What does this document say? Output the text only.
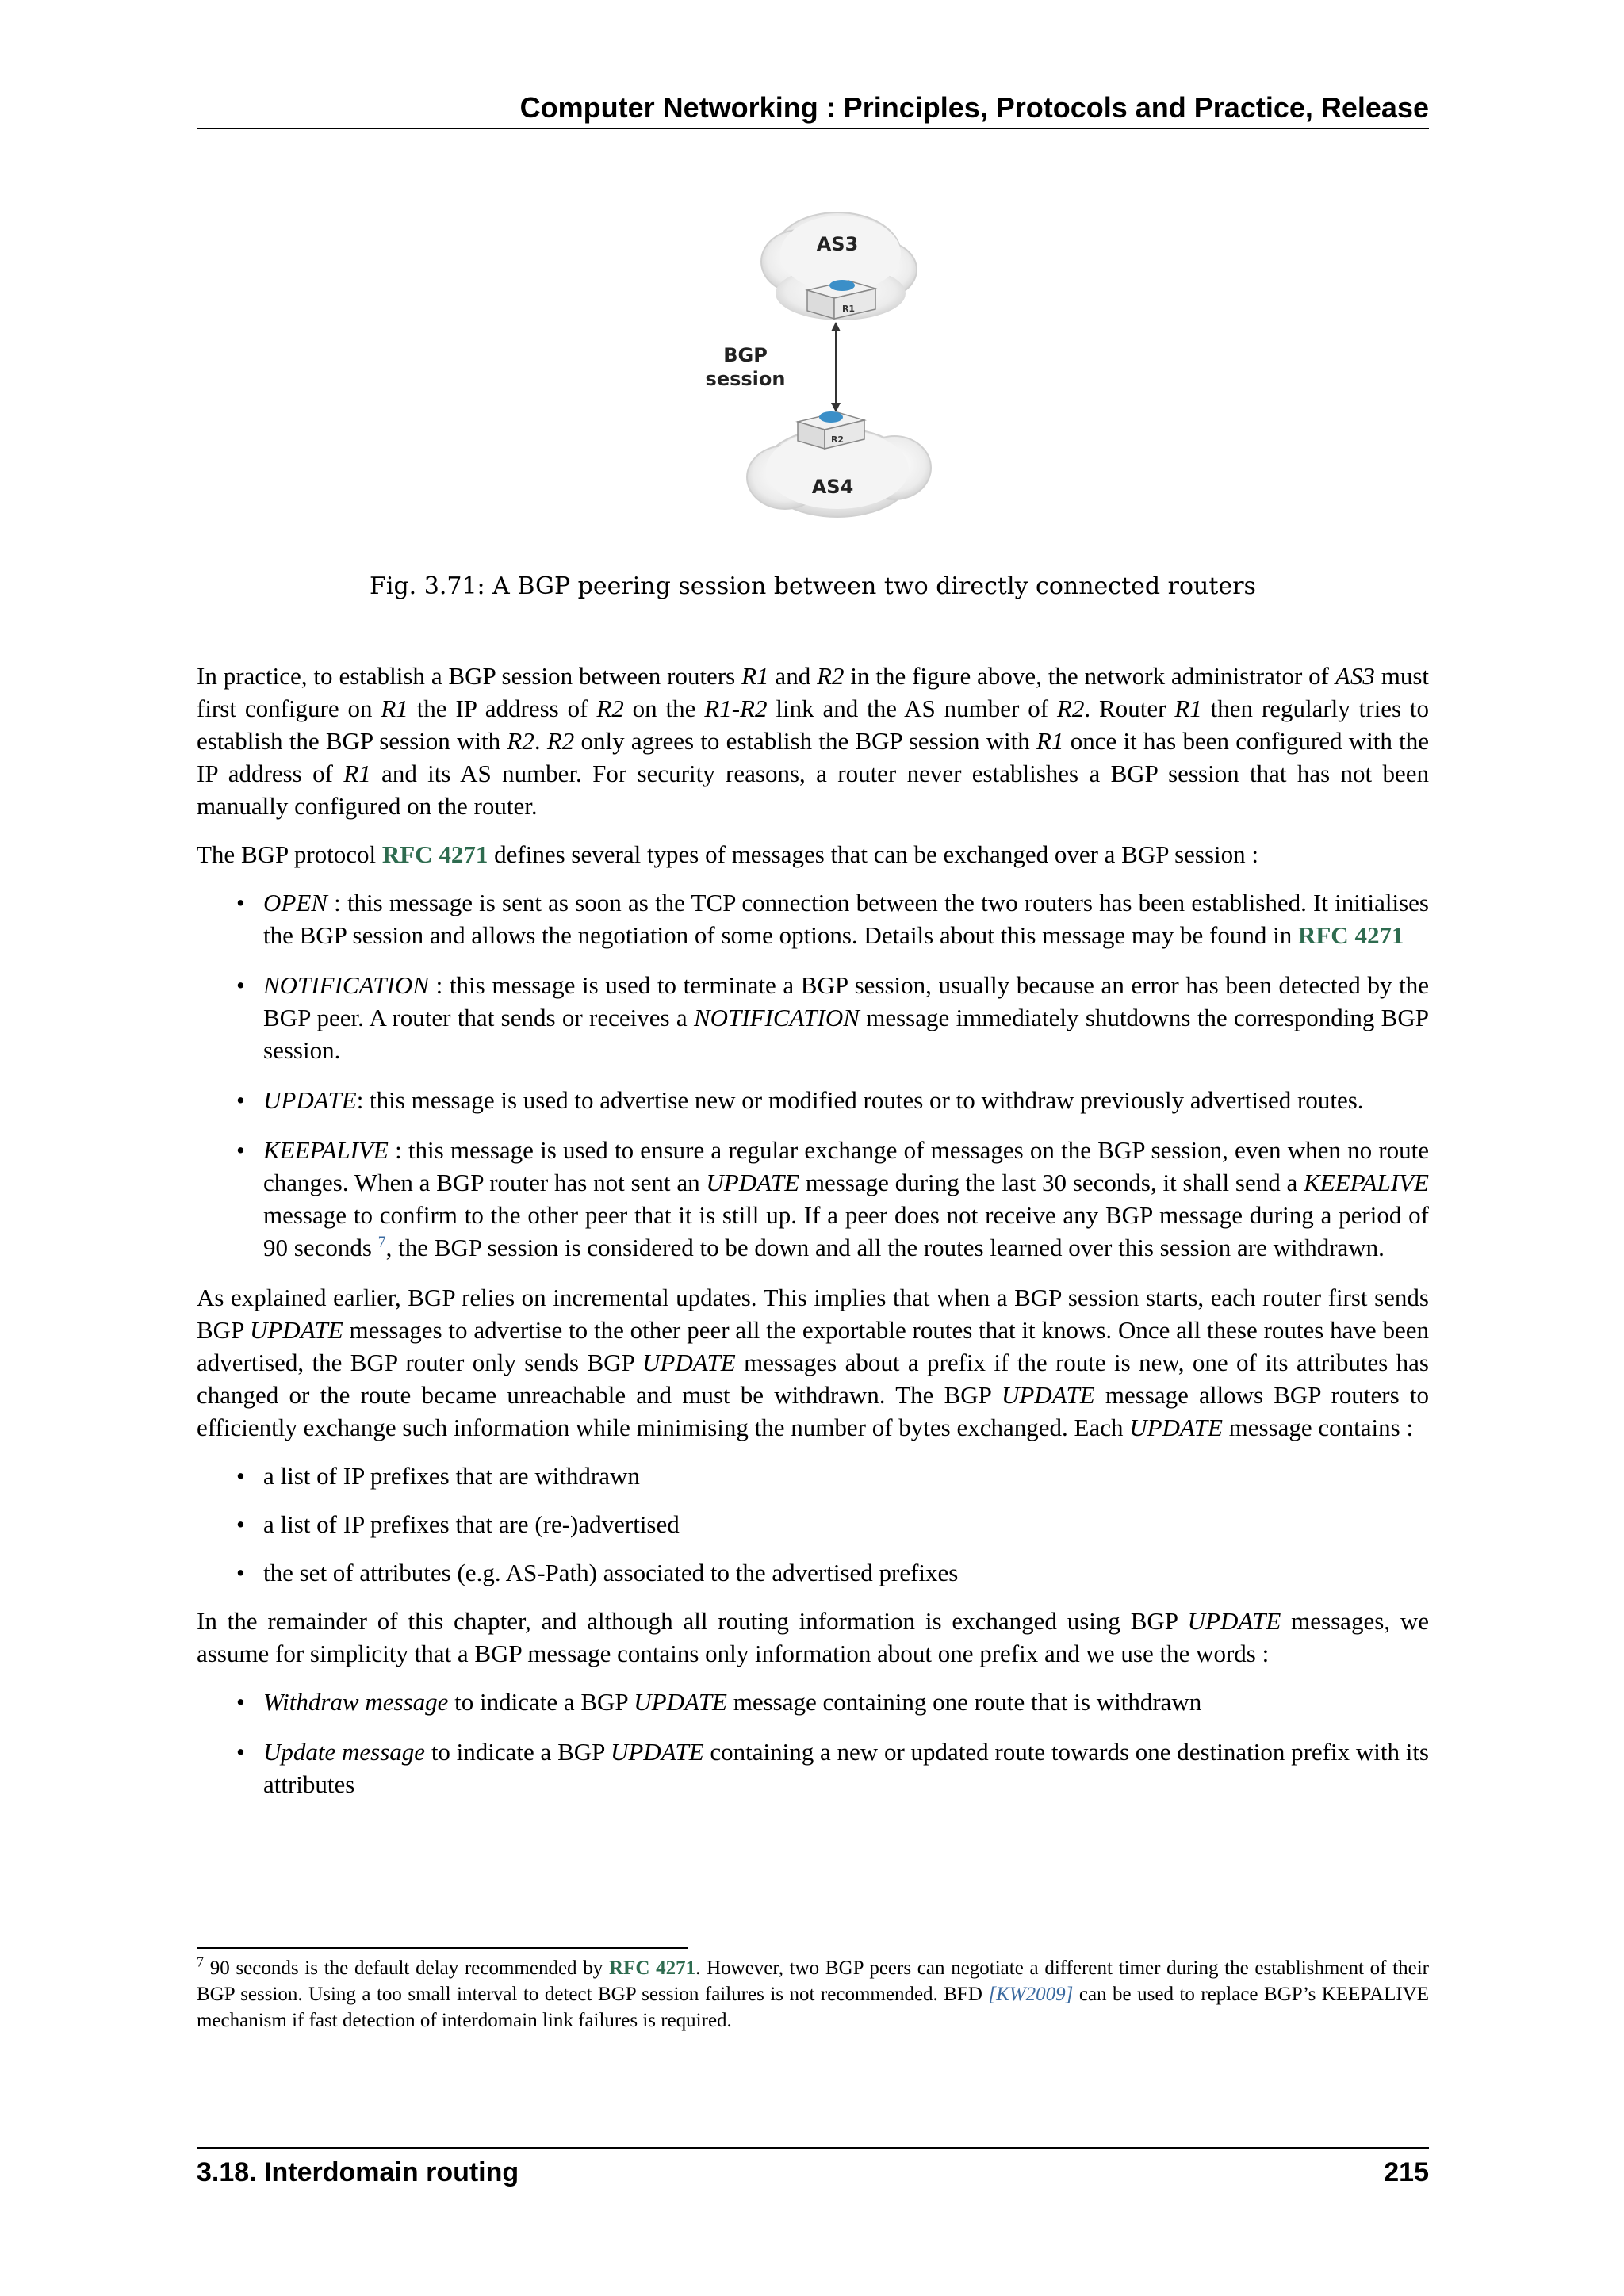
Computer Networking : Principles, Protocols and Practice, Release
AS3
R1
BGP
session
R2
AS4
Fig. 3.71: A BGP peering session between two directly connected routers

In practice, to establish a BGP session between routers R1 and R2 in the figure above, the network administrator of AS3 must first configure on R1 the IP address of R2 on the R1-R2 link and the AS number of R2. Router R1 then regularly tries to establish the BGP session with R2. R2 only agrees to establish the BGP session with R1 once it has been configured with the IP address of R1 and its AS number. For security reasons, a router never establishes a BGP session that has not been manually configured on the router.

The BGP protocol RFC 4271 defines several types of messages that can be exchanged over a BGP session :

• OPEN : this message is sent as soon as the TCP connection between the two routers has been established. It initialises the BGP session and allows the negotiation of some options. Details about this message may be found in RFC 4271
• NOTIFICATION : this message is used to terminate a BGP session, usually because an error has been detected by the BGP peer. A router that sends or receives a NOTIFICATION message immediately shutdowns the corresponding BGP session.
• UPDATE: this message is used to advertise new or modified routes or to withdraw previously advertised routes.
• KEEPALIVE : this message is used to ensure a regular exchange of messages on the BGP session, even when no route changes. When a BGP router has not sent an UPDATE message during the last 30 seconds, it shall send a KEEPALIVE message to confirm to the other peer that it is still up. If a peer does not receive any BGP message during a period of 90 seconds $^7$, the BGP session is considered to be down and all the routes learned over this session are withdrawn.

As explained earlier, BGP relies on incremental updates. This implies that when a BGP session starts, each router first sends BGP UPDATE messages to advertise to the other peer all the exportable routes that it knows. Once all these routes have been advertised, the BGP router only sends BGP UPDATE messages about a prefix if the route is new, one of its attributes has changed or the route became unreachable and must be withdrawn. The BGP UPDATE message allows BGP routers to efficiently exchange such information while minimising the number of bytes exchanged. Each UPDATE message contains :

• a list of IP prefixes that are withdrawn
• a list of IP prefixes that are (re-)advertised
• the set of attributes (e.g. AS-Path) associated to the advertised prefixes

In the remainder of this chapter, and although all routing information is exchanged using BGP UPDATE messages, we assume for simplicity that a BGP message contains only information about one prefix and we use the words :

• Withdraw message to indicate a BGP UPDATE message containing one route that is withdrawn
• Update message to indicate a BGP UPDATE containing a new or updated route towards one destination prefix with its attributes
$^7$ 90 seconds is the default delay recommended by RFC 4271. However, two BGP peers can negotiate a different timer during the establishment of their BGP session. Using a too small interval to detect BGP session failures is not recommended. BFD [KW2009] can be used to replace BGP’s KEEPALIVE mechanism if fast detection of interdomain link failures is required.
3.18. Interdomain routing	215
